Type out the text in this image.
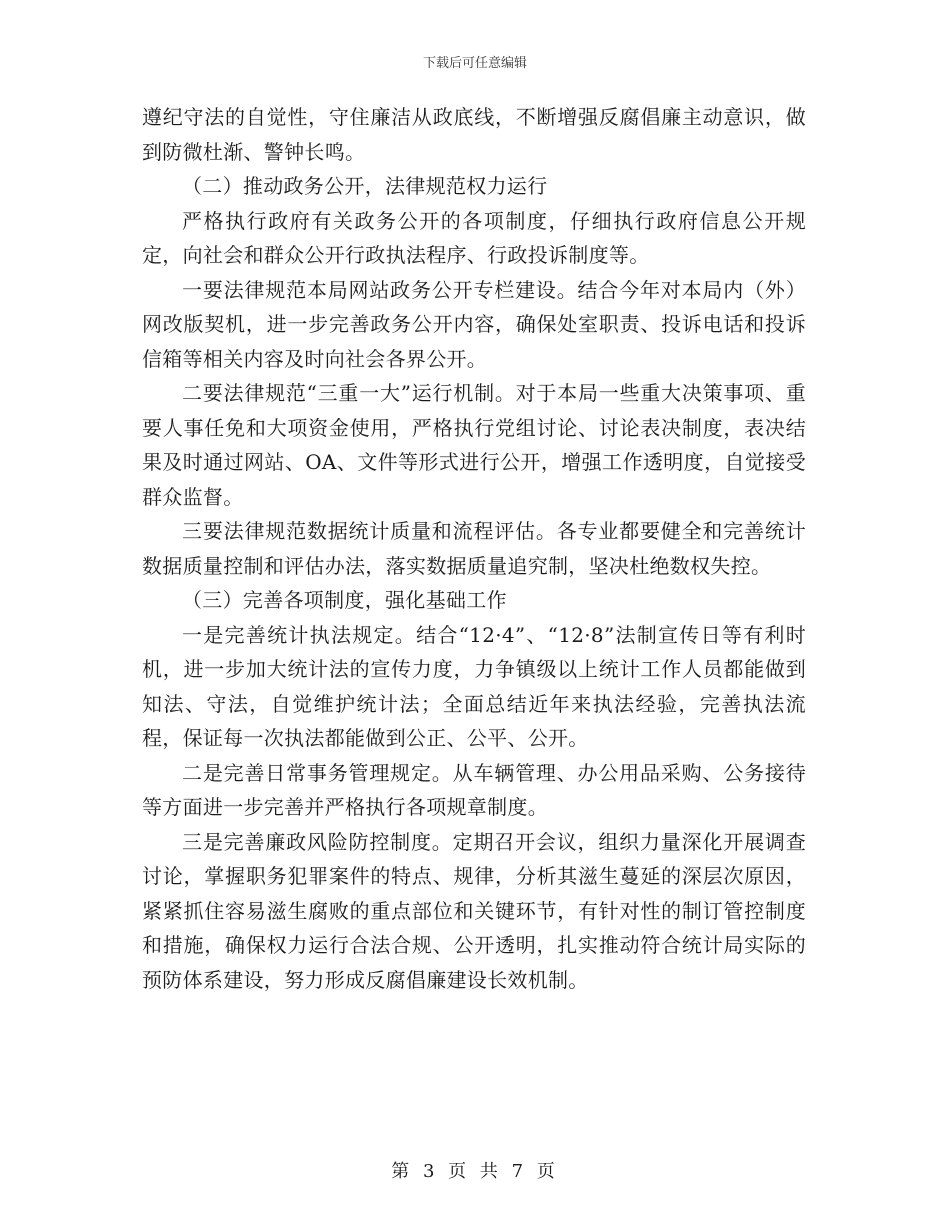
下载后可任意编辑

遵纪守法的自觉性，守住廉洁从政底线，不断增强反腐倡廉主动意识，做到防微杜渐、警钟长鸣。

（二）推动政务公开，法律规范权力运行

严格执行政府有关政务公开的各项制度，仔细执行政府信息公开规定，向社会和群众公开行政执法程序、行政投诉制度等。

一要法律规范本局网站政务公开专栏建设。结合今年对本局内（外）网改版契机，进一步完善政务公开内容，确保处室职责、投诉电话和投诉信箱等相关内容及时向社会各界公开。

二要法律规范“三重一大”运行机制。对于本局一些重大决策事项、重要人事任免和大项资金使用，严格执行党组讨论、讨论表决制度，表决结果及时通过网站、OA、文件等形式进行公开，增强工作透明度，自觉接受群众监督。

三要法律规范数据统计质量和流程评估。各专业都要健全和完善统计数据质量控制和评估办法，落实数据质量追究制，坚决杜绝数权失控。

（三）完善各项制度，强化基础工作

一是完善统计执法规定。结合“12·4”、“12·8”法制宣传日等有利时机，进一步加大统计法的宣传力度，力争镇级以上统计工作人员都能做到知法、守法，自觉维护统计法；全面总结近年来执法经验，完善执法流程，保证每一次执法都能做到公正、公平、公开。

二是完善日常事务管理规定。从车辆管理、办公用品采购、公务接待等方面进一步完善并严格执行各项规章制度。

三是完善廉政风险防控制度。定期召开会议，组织力量深化开展调查讨论，掌握职务犯罪案件的特点、规律，分析其滋生蔓延的深层次原因，紧紧抓住容易滋生腐败的重点部位和关键环节，有针对性的制订管控制度和措施，确保权力运行合法合规、公开透明，扎实推动符合统计局实际的预防体系建设，努力形成反腐倡廉建设长效机制。

第 3 页 共 7 页
